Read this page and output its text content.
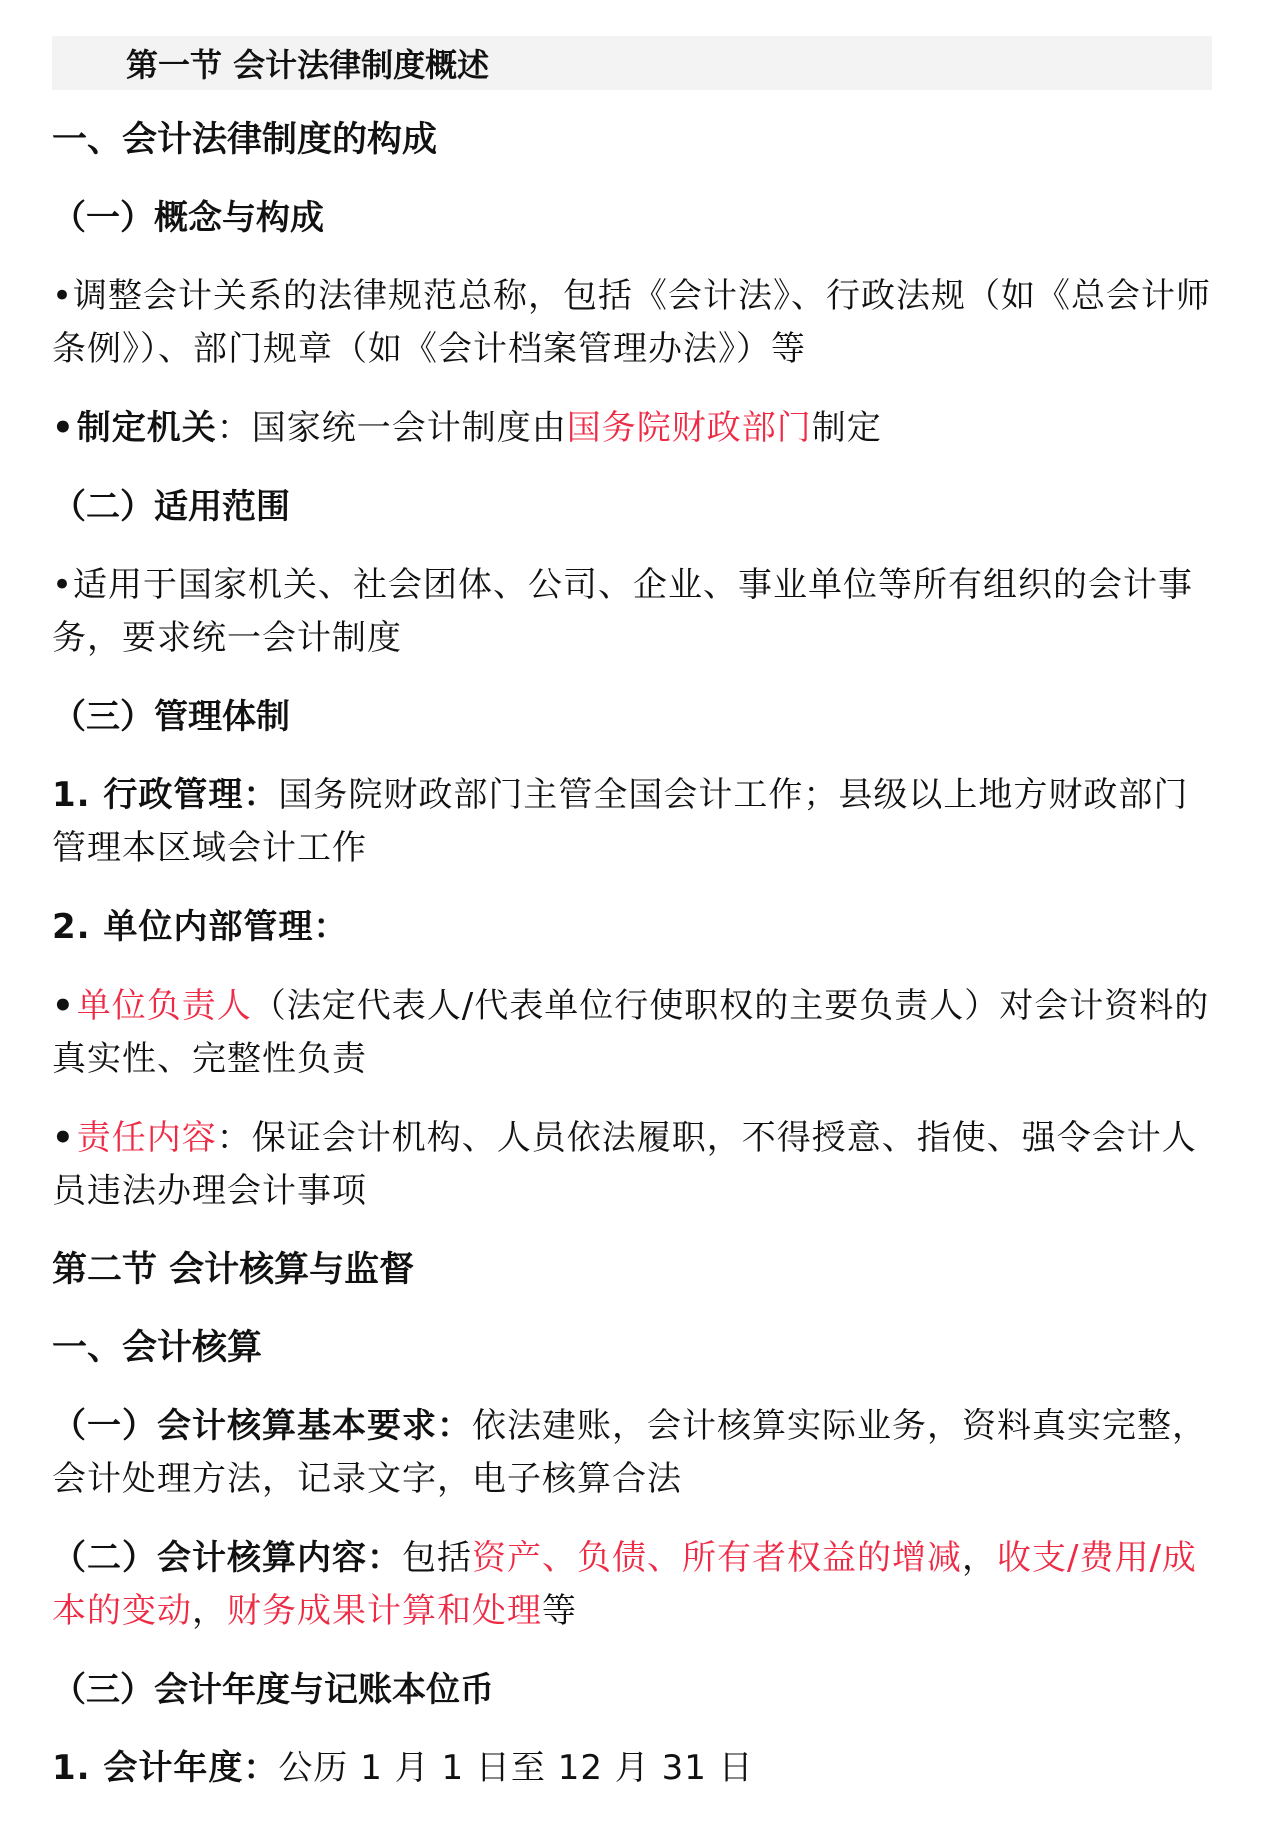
第一节 会计法律制度概述
一、会计法律制度的构成
（一）概念与构成
•调整会计关系的法律规范总称，包括《会计法》、行政法规（如《总会计师条例》）、部门规章（如《会计档案管理办法》）等
•制定机关：国家统一会计制度由国务院财政部门制定
（二）适用范围
•适用于国家机关、社会团体、公司、企业、事业单位等所有组织的会计事务，要求统一会计制度
（三）管理体制
1. 行政管理：国务院财政部门主管全国会计工作；县级以上地方财政部门管理本区域会计工作
2. 单位内部管理：
•单位负责人（法定代表人/代表单位行使职权的主要负责人）对会计资料的真实性、完整性负责
•责任内容：保证会计机构、人员依法履职，不得授意、指使、强令会计人员违法办理会计事项
第二节 会计核算与监督
一、会计核算
（一）会计核算基本要求：依法建账，会计核算实际业务，资料真实完整，会计处理方法，记录文字，电子核算合法
（二）会计核算内容：包括资产、负债、所有者权益的增减，收支/费用/成本的变动，财务成果计算和处理等
（三）会计年度与记账本位币
1. 会计年度：公历 1 月 1 日至 12 月 31 日
